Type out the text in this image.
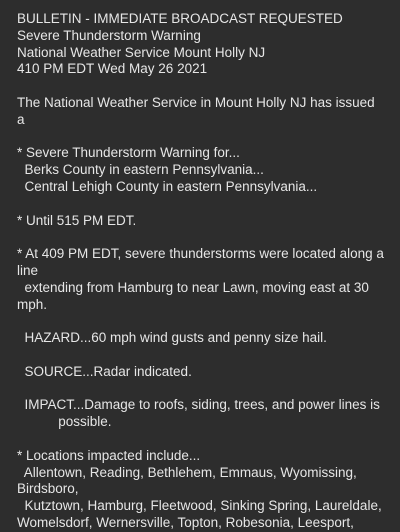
BULLETIN - IMMEDIATE BROADCAST REQUESTED
Severe Thunderstorm Warning
National Weather Service Mount Holly NJ
410 PM EDT Wed May 26 2021
The National Weather Service in Mount Holly NJ has issued
a
* Severe Thunderstorm Warning for...
Berks County in eastern Pennsylvania...
Central Lehigh County in eastern Pennsylvania...
* Until 515 PM EDT.
* At 409 PM EDT, severe thunderstorms were located along a
line
extending from Hamburg to near Lawn, moving east at 30
mph.
HAZARD...60 mph wind gusts and penny size hail.
SOURCE...Radar indicated.
IMPACT...Damage to roofs, siding, trees, and power lines is
possible.
* Locations impacted include...
Allentown, Reading, Bethlehem, Emmaus, Wyomissing,
Birdsboro,
Kutztown, Hamburg, Fleetwood, Sinking Spring, Laureldale,
Womelsdorf, Wernersville, Topton, Robesonia, Leesport,
